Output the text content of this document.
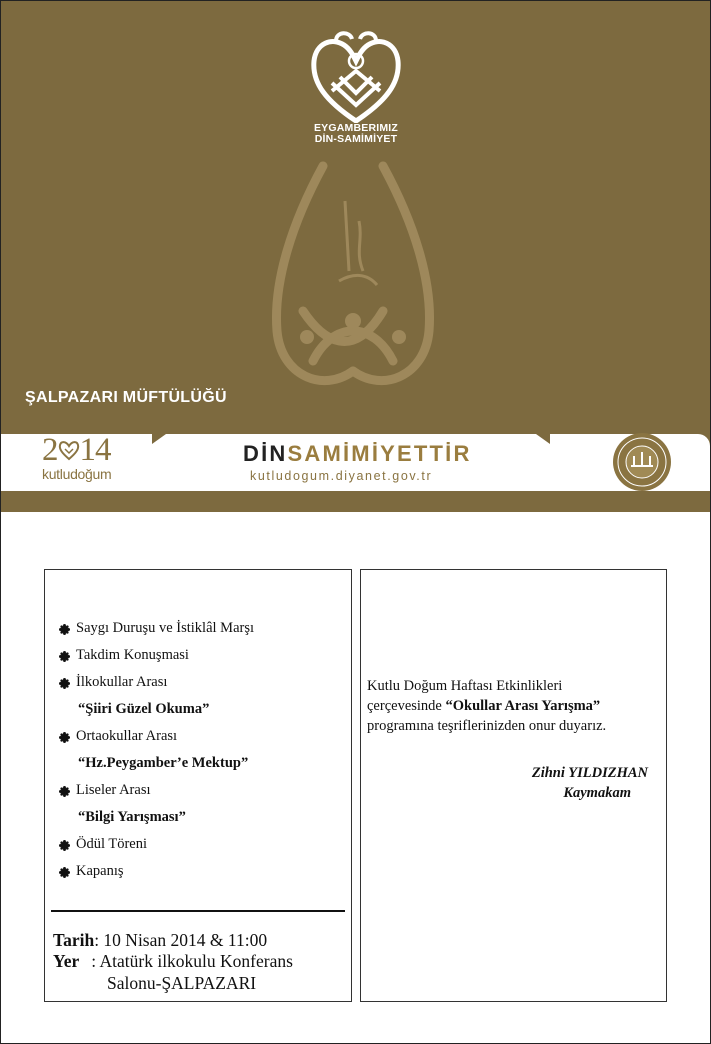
EYGAMBERIMIZ
DİN-SAMİMİYET
ŞALPAZARI MÜFTÜLÜĞÜ
2 14
kutludoğum
DİNSAMİMİYETTİR
kutludogum.diyanet.gov.tr
Saygı Duruşu ve İstiklâl Marşı
Takdim Konuşmasi
İlkokullar Arası
“Şiiri Güzel Okuma”
Ortaokullar Arası
“Hz.Peygamber’e Mektup”
Liseler Arası
“Bilgi Yarışması”
Ödül Töreni
Kapanış
Tarih: 10 Nisan 2014 & 11:00
Yer : Atatürk ilkokulu Konferans
Salonu-ŞALPAZARI
Kutlu Doğum Haftası Etkinlikleri
çerçevesinde “Okullar Arası Yarışma”
programına teşriflerinizden onur duyarız.
Zihni YILDIZHAN
Kaymakam
